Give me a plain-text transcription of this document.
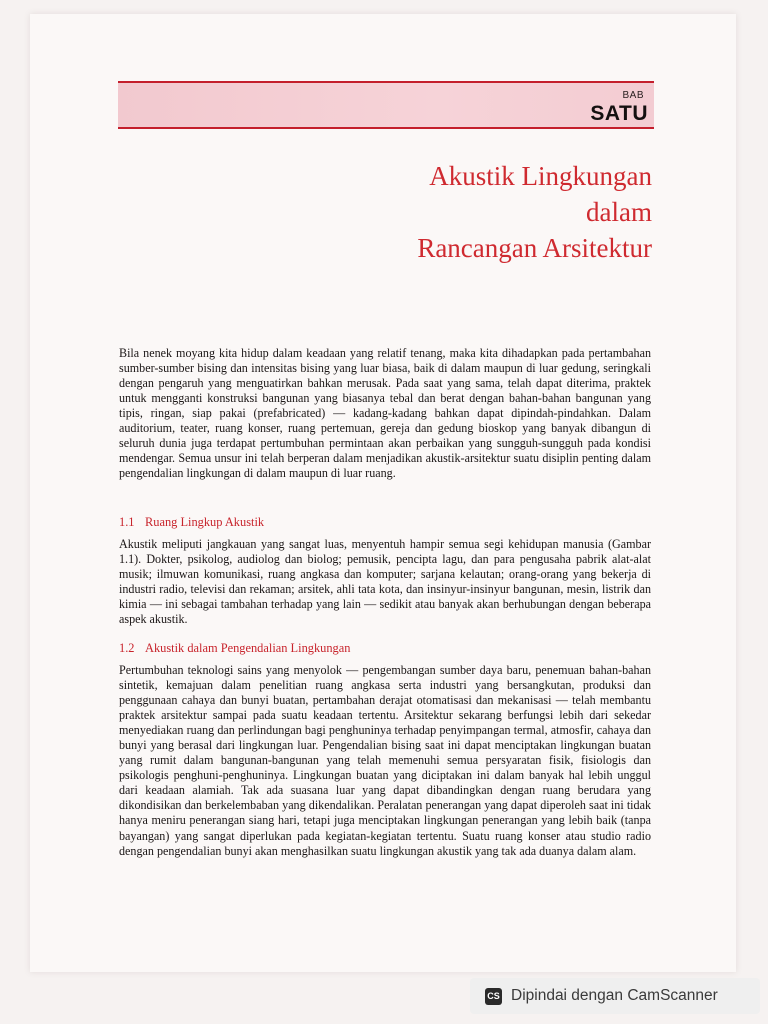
BAB
SATU
Akustik Lingkungan
dalam
Rancangan Arsitektur

Bila nenek moyang kita hidup dalam keadaan yang relatif tenang, maka kita dihadapkan pada pertambahan sumber-sumber bising dan intensitas bising yang luar biasa, baik di dalam maupun di luar gedung, seringkali dengan pengaruh yang menguatirkan bahkan merusak. Pada saat yang sama, telah dapat diterima, praktek untuk mengganti konstruksi bangunan yang biasanya tebal dan berat dengan bahan-bahan bangunan yang tipis, ringan, siap pakai (prefabricated) — kadang-kadang bahkan dapat dipindah-pindahkan. Dalam auditorium, teater, ruang konser, ruang pertemuan, gereja dan gedung bioskop yang banyak dibangun di seluruh dunia juga terdapat pertumbuhan permintaan akan perbaikan yang sungguh-sungguh pada kondisi mendengar. Semua unsur ini telah berperan dalam menjadikan akustik-arsitektur suatu disiplin penting dalam pengendalian lingkungan di dalam maupun di luar ruang.

1.1 Ruang Lingkup Akustik

Akustik meliputi jangkauan yang sangat luas, menyentuh hampir semua segi kehidupan manusia (Gambar 1.1). Dokter, psikolog, audiolog dan biolog; pemusik, pencipta lagu, dan para pengusaha pabrik alat-alat musik; ilmuwan komunikasi, ruang angkasa dan komputer; sarjana kelautan; orang-orang yang bekerja di industri radio, televisi dan rekaman; arsitek, ahli tata kota, dan insinyur-insinyur bangunan, mesin, listrik dan kimia — ini sebagai tambahan terhadap yang lain — sedikit atau banyak akan berhubungan dengan beberapa aspek akustik.

1.2 Akustik dalam Pengendalian Lingkungan

Pertumbuhan teknologi sains yang menyolok — pengembangan sumber daya baru, penemuan bahan-bahan sintetik, kemajuan dalam penelitian ruang angkasa serta industri yang bersangkutan, produksi dan penggunaan cahaya dan bunyi buatan, pertambahan derajat otomatisasi dan mekanisasi — telah membantu praktek arsitektur sampai pada suatu keadaan tertentu. Arsitektur sekarang berfungsi lebih dari sekedar menyediakan ruang dan perlindungan bagi penghuninya terhadap penyimpangan termal, atmosfir, cahaya dan bunyi yang berasal dari lingkungan luar. Pengendalian bising saat ini dapat menciptakan lingkungan buatan yang rumit dalam bangunan-bangunan yang telah memenuhi semua persyaratan fisik, fisiologis dan psikologis penghuni-penghuninya. Lingkungan buatan yang diciptakan ini dalam banyak hal lebih unggul dari keadaan alamiah. Tak ada suasana luar yang dapat dibandingkan dengan ruang berudara yang dikondisikan dan berkelembaban yang dikendalikan. Peralatan penerangan yang dapat diperoleh saat ini tidak hanya meniru penerangan siang hari, tetapi juga menciptakan lingkungan penerangan yang lebih baik (tanpa bayangan) yang sangat diperlukan pada kegiatan-kegiatan tertentu. Suatu ruang konser atau studio radio dengan pengendalian bunyi akan menghasilkan suatu lingkungan akustik yang tak ada duanya dalam alam.

CS Dipindai dengan CamScanner
